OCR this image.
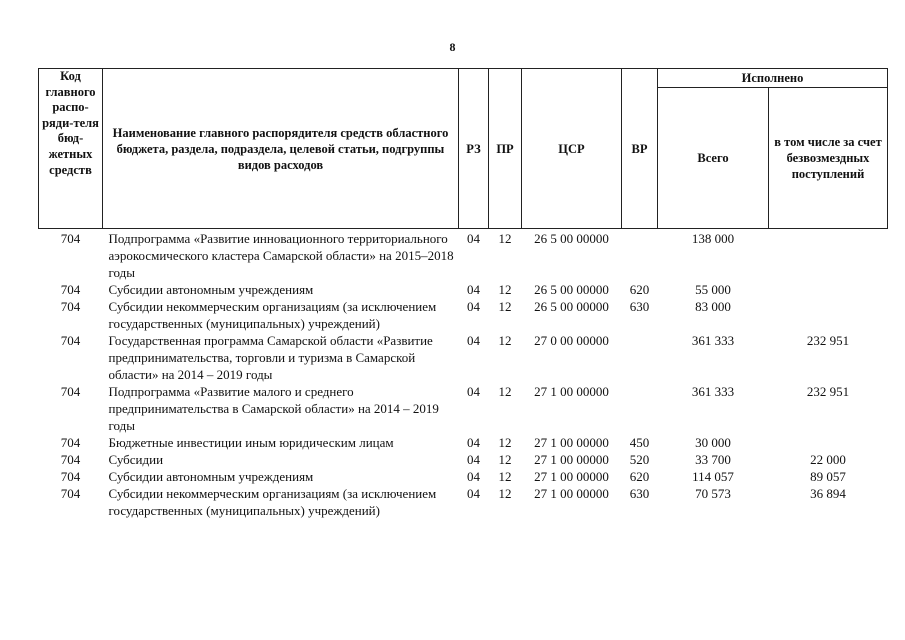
8
Код главного распо-ряди-теля бюд-жетных средств	Наименование главного распорядителя средств областного бюджета, раздела, подраздела, целевой статьи, подгруппы видов расходов	РЗ	ПР	ЦСР	ВР	Исполнено	
						Всего	в том числе за счет безвозмездных поступлений
704	Подпрограмма «Развитие инновационного территориального аэрокосмического кластера Самарской области» на 2015–2018 годы	04	12	26 5 00 00000		138 000	
704	Субсидии автономным учреждениям	04	12	26 5 00 00000	620	55 000	
704	Субсидии некоммерческим организациям (за исключением государственных (муниципальных) учреждений)	04	12	26 5 00 00000	630	83 000	
704	Государственная программа Самарской области «Развитие предпринимательства, торговли и туризма в Самарской области» на 2014 – 2019 годы	04	12	27 0 00 00000		361 333	232 951
704	Подпрограмма «Развитие малого и среднего предпринимательства в Самарской области» на 2014 – 2019 годы	04	12	27 1 00 00000		361 333	232 951
704	Бюджетные инвестиции иным юридическим лицам	04	12	27 1 00 00000	450	30 000	
704	Субсидии	04	12	27 1 00 00000	520	33 700	22 000
704	Субсидии автономным учреждениям	04	12	27 1 00 00000	620	114 057	89 057
704	Субсидии некоммерческим организациям (за исключением государственных (муниципальных) учреждений)	04	12	27 1 00 00000	630	70 573	36 894
